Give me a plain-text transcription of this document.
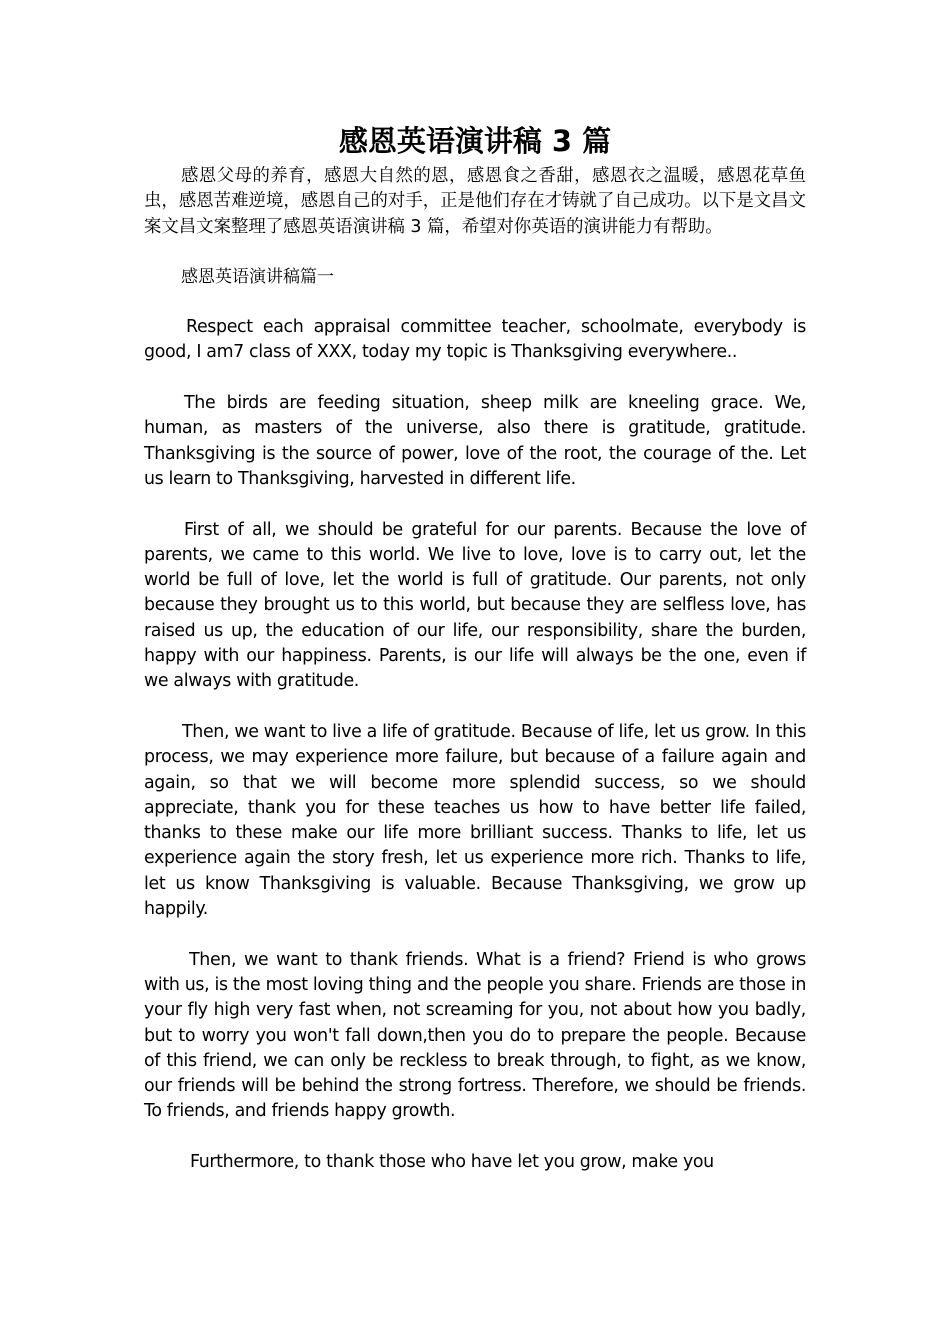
感恩英语演讲稿 3 篇

感恩父母的养育，感恩大自然的恩，感恩食之香甜，感恩衣之温暖，感恩花草鱼虫，感恩苦难逆境，感恩自己的对手，正是他们存在才铸就了自己成功。以下是文昌文案文昌文案整理了感恩英语演讲稿 3 篇，希望对你英语的演讲能力有帮助。

感恩英语演讲稿篇一

Respect each appraisal committee teacher, schoolmate, everybody is good, I am7 class of XXX, today my topic is Thanksgiving everywhere..

The birds are feeding situation, sheep milk are kneeling grace. We, human, as masters of the universe, also there is gratitude, gratitude. Thanksgiving is the source of power, love of the root, the courage of the. Let us learn to Thanksgiving, harvested in different life.

First of all, we should be grateful for our parents. Because the love of parents, we came to this world. We live to love, love is to carry out, let the world be full of love, let the world is full of gratitude. Our parents, not only because they brought us to this world, but because they are selfless love, has raised us up, the education of our life, our responsibility, share the burden, happy with our happiness. Parents, is our life will always be the one, even if we always with gratitude.

Then, we want to live a life of gratitude. Because of life, let us grow. In this process, we may experience more failure, but because of a failure again and again, so that we will become more splendid success, so we should appreciate, thank you for these teaches us how to have better life failed, thanks to these make our life more brilliant success. Thanks to life, let us experience again the story fresh, let us experience more rich. Thanks to life, let us know Thanksgiving is valuable. Because Thanksgiving, we grow up happily.

Then, we want to thank friends. What is a friend? Friend is who grows with us, is the most loving thing and the people you share. Friends are those in your fly high very fast when, not screaming for you, not about how you badly, but to worry you won't fall down,then you do to prepare the people. Because of this friend, we can only be reckless to break through, to fight, as we know, our friends will be behind the strong fortress. Therefore, we should be friends. To friends, and friends happy growth.

Furthermore, to thank those who have let you grow, make you
